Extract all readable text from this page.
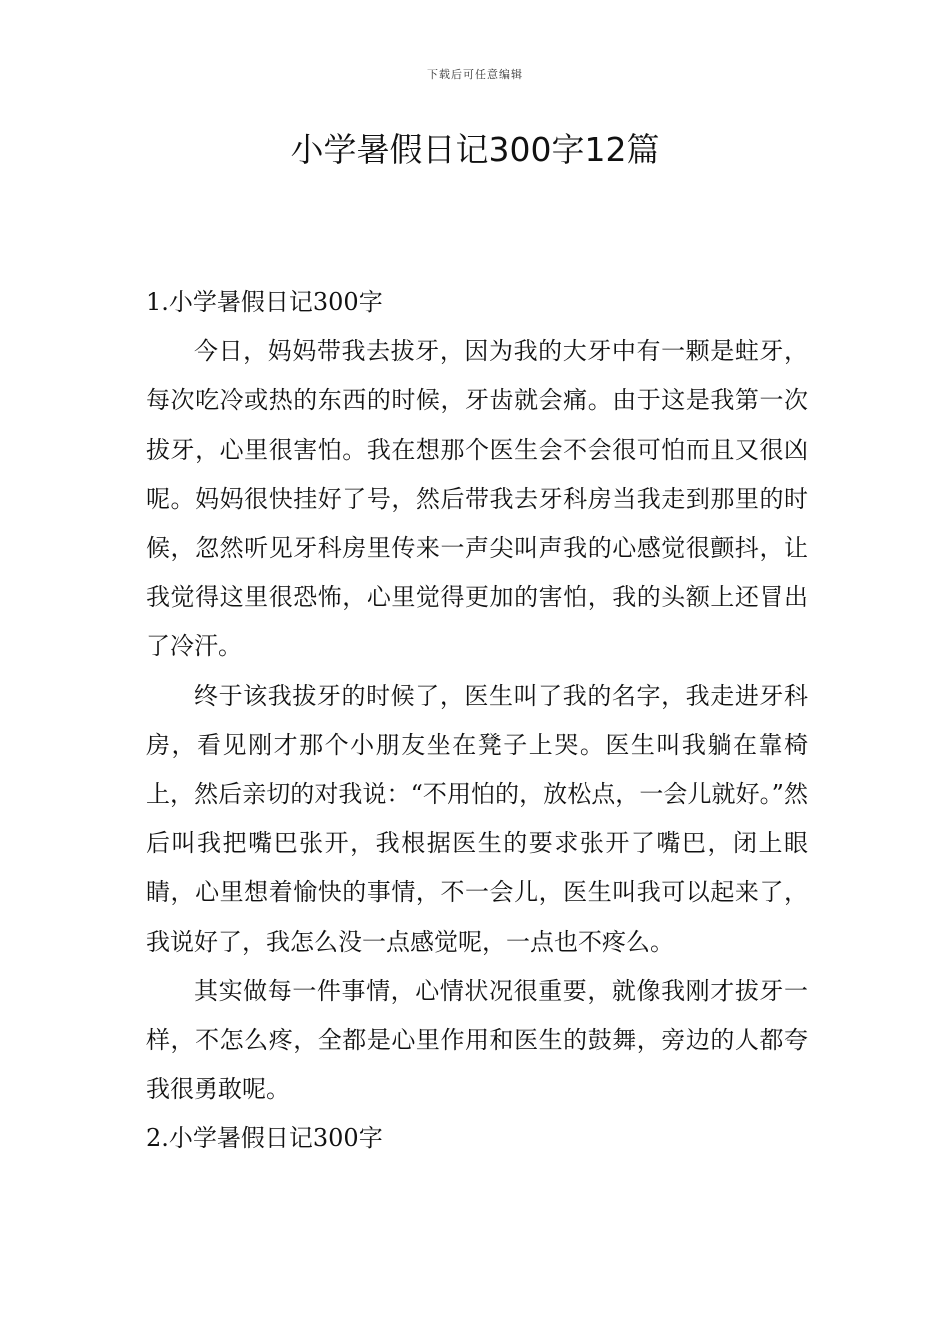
下载后可任意编辑
小学暑假日记300字12篇
1.小学暑假日记300字

今日，妈妈带我去拔牙，因为我的大牙中有一颗是蛀牙，每次吃冷或热的东西的时候，牙齿就会痛。由于这是我第一次拔牙，心里很害怕。我在想那个医生会不会很可怕而且又很凶呢。妈妈很快挂好了号，然后带我去牙科房当我走到那里的时候，忽然听见牙科房里传来一声尖叫声我的心感觉很颤抖，让我觉得这里很恐怖，心里觉得更加的害怕，我的头额上还冒出了冷汗。

终于该我拔牙的时候了，医生叫了我的名字，我走进牙科房，看见刚才那个小朋友坐在凳子上哭。医生叫我躺在靠椅上，然后亲切的对我说：“不用怕的，放松点，一会儿就好。”然后叫我把嘴巴张开，我根据医生的要求张开了嘴巴，闭上眼睛，心里想着愉快的事情，不一会儿，医生叫我可以起来了，我说好了，我怎么没一点感觉呢，一点也不疼么。

其实做每一件事情，心情状况很重要，就像我刚才拔牙一样，不怎么疼，全都是心里作用和医生的鼓舞，旁边的人都夸我很勇敢呢。

2.小学暑假日记300字
